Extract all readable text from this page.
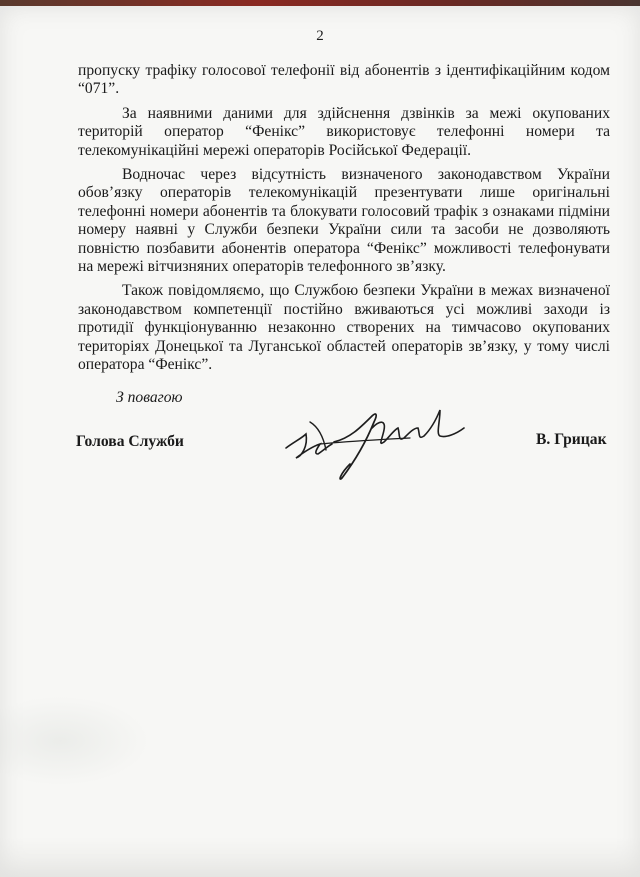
2

пропуску трафіку голосової телефонії від абонентів з ідентифікаційним кодом “071”.

За наявними даними для здійснення дзвінків за межі окупованих територій оператор “Фенікс” використовує телефонні номери та телекомунікаційні мережі операторів Російської Федерації.

Водночас через відсутність визначеного законодавством України обов’язку операторів телекомунікацій презентувати лише оригінальні телефонні номери абонентів та блокувати голосовий трафік з ознаками підміни номеру наявні у Служби безпеки України сили та засоби не дозволяють повністю позбавити абонентів оператора “Фенікс” можливості телефонувати на мережі вітчизняних операторів телефонного зв’язку.

Також повідомляємо, що Службою безпеки України в межах визначеної законодавством компетенції постійно вживаються усі можливі заходи із протидії функціонуванню незаконно створених на тимчасово окупованих територіях Донецької та Луганської областей операторів зв’язку, у тому числі оператора “Фенікс”.

З повагою
Голова Служби	В. Грицак
